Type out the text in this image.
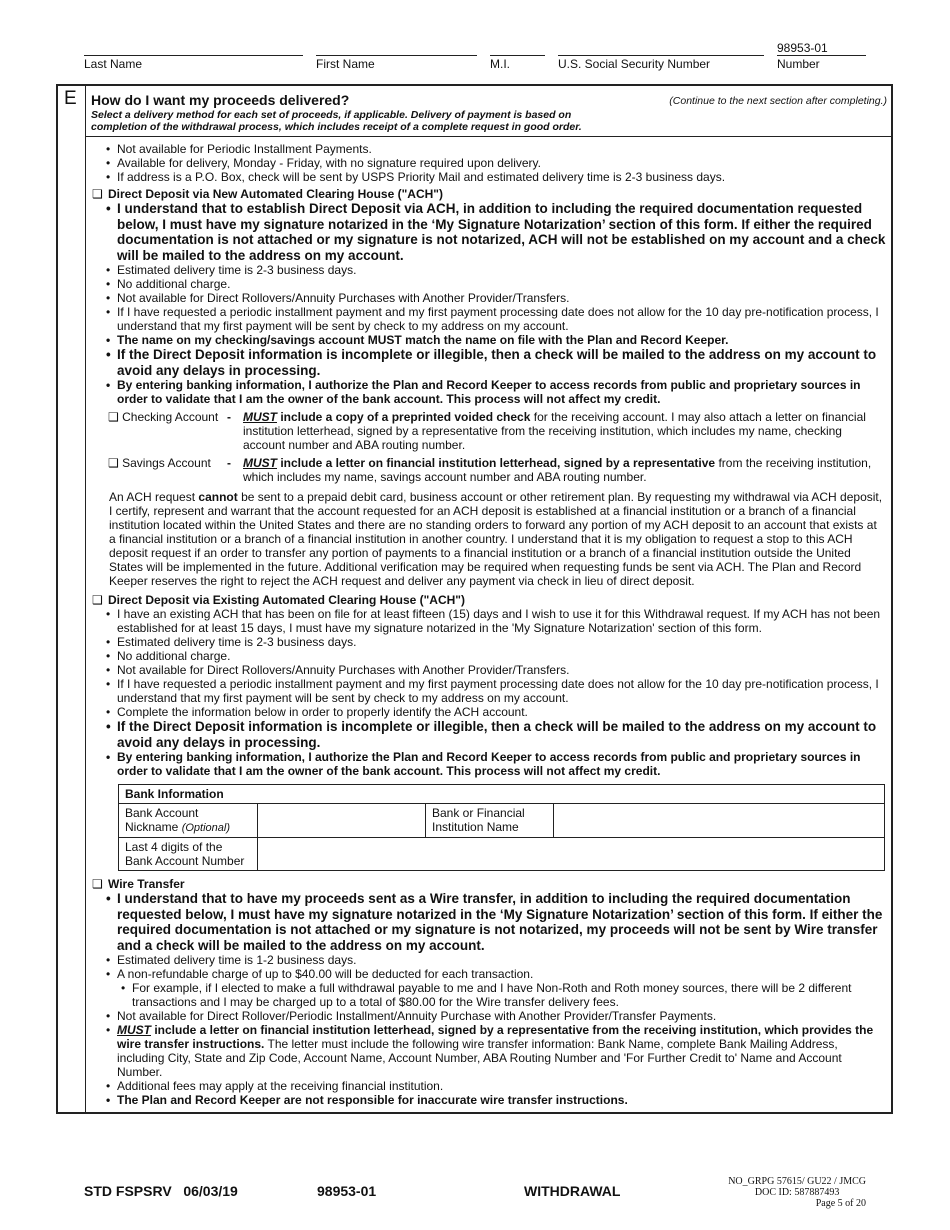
98953-01
Last Name	First Name	M.I.	U.S. Social Security Number	Number
E How do I want my proceeds delivered?	(Continue to the next section after completing.)
Select a delivery method for each set of proceeds, if applicable. Delivery of payment is based on completion of the withdrawal process, which includes receipt of a complete request in good order.
• Not available for Periodic Installment Payments.
• Available for delivery, Monday - Friday, with no signature required upon delivery.
• If address is a P.O. Box, check will be sent by USPS Priority Mail and estimated delivery time is 2-3 business days.
❑ Direct Deposit via New Automated Clearing House ("ACH")
• I understand that to establish Direct Deposit via ACH, in addition to including the required documentation requested below, I must have my signature notarized in the ‘My Signature Notarization’ section of this form. If either the required documentation is not attached or my signature is not notarized, ACH will not be established on my account and a check will be mailed to the address on my account.
• Estimated delivery time is 2-3 business days.
• No additional charge.
• Not available for Direct Rollovers/Annuity Purchases with Another Provider/Transfers.
• If I have requested a periodic installment payment and my first payment processing date does not allow for the 10 day pre-notification process, I understand that my first payment will be sent by check to my address on my account.
• The name on my checking/savings account MUST match the name on file with the Plan and Record Keeper.
• If the Direct Deposit information is incomplete or illegible, then a check will be mailed to the address on my account to avoid any delays in processing.
• By entering banking information, I authorize the Plan and Record Keeper to access records from public and proprietary sources in order to validate that I am the owner of the bank account. This process will not affect my credit.
❑ Checking Account -	MUST include a copy of a preprinted voided check for the receiving account. I may also attach a letter on financial institution letterhead, signed by a representative from the receiving institution, which includes my name, checking account number and ABA routing number.
❑ Savings Account	-	MUST include a letter on financial institution letterhead, signed by a representative from the receiving institution, which includes my name, savings account number and ABA routing number.
An ACH request cannot be sent to a prepaid debit card, business account or other retirement plan. By requesting my withdrawal via ACH deposit, I certify, represent and warrant that the account requested for an ACH deposit is established at a financial institution or a branch of a financial institution located within the United States and there are no standing orders to forward any portion of my ACH deposit to an account that exists at a financial institution or a branch of a financial institution in another country. I understand that it is my obligation to request a stop to this ACH deposit request if an order to transfer any portion of payments to a financial institution or a branch of a financial institution outside the United States will be implemented in the future. Additional verification may be required when requesting funds be sent via ACH. The Plan and Record Keeper reserves the right to reject the ACH request and deliver any payment via check in lieu of direct deposit.
❑ Direct Deposit via Existing Automated Clearing House ("ACH")
• I have an existing ACH that has been on file for at least fifteen (15) days and I wish to use it for this Withdrawal request. If my ACH has not been established for at least 15 days, I must have my signature notarized in the 'My Signature Notarization' section of this form.
• Estimated delivery time is 2-3 business days.
• No additional charge.
• Not available for Direct Rollovers/Annuity Purchases with Another Provider/Transfers.
• If I have requested a periodic installment payment and my first payment processing date does not allow for the 10 day pre-notification process, I understand that my first payment will be sent by check to my address on my account.
• Complete the information below in order to properly identify the ACH account.
• If the Direct Deposit information is incomplete or illegible, then a check will be mailed to the address on my account to avoid any delays in processing.
• By entering banking information, I authorize the Plan and Record Keeper to access records from public and proprietary sources in order to validate that I am the owner of the bank account. This process will not affect my credit.
Bank Information			
Bank Account Nickname (Optional)		Bank or Financial Institution Name	
Last 4 digits of the Bank Account Number			
❑ Wire Transfer
• I understand that to have my proceeds sent as a Wire transfer, in addition to including the required documentation requested below, I must have my signature notarized in the ‘My Signature Notarization’ section of this form. If either the required documentation is not attached or my signature is not notarized, my proceeds will not be sent by Wire transfer and a check will be mailed to the address on my account.
• Estimated delivery time is 1-2 business days.
• A non-refundable charge of up to $40.00 will be deducted for each transaction.
• For example, if I elected to make a full withdrawal payable to me and I have Non-Roth and Roth money sources, there will be 2 different transactions and I may be charged up to a total of $80.00 for the Wire transfer delivery fees.
• Not available for Direct Rollover/Periodic Installment/Annuity Purchase with Another Provider/Transfer Payments.
• MUST include a letter on financial institution letterhead, signed by a representative from the receiving institution, which provides the wire transfer instructions. The letter must include the following wire transfer information: Bank Name, complete Bank Mailing Address, including City, State and Zip Code, Account Name, Account Number, ABA Routing Number and 'For Further Credit to' Name and Account Number.
• Additional fees may apply at the receiving financial institution.
• The Plan and Record Keeper are not responsible for inaccurate wire transfer instructions.
STD FSPSRV   06/03/19	98953-01	WITHDRAWAL
NO_GRPG 57615/ GU22 / JMCG
DOC ID: 587887493
Page 5 of 20
